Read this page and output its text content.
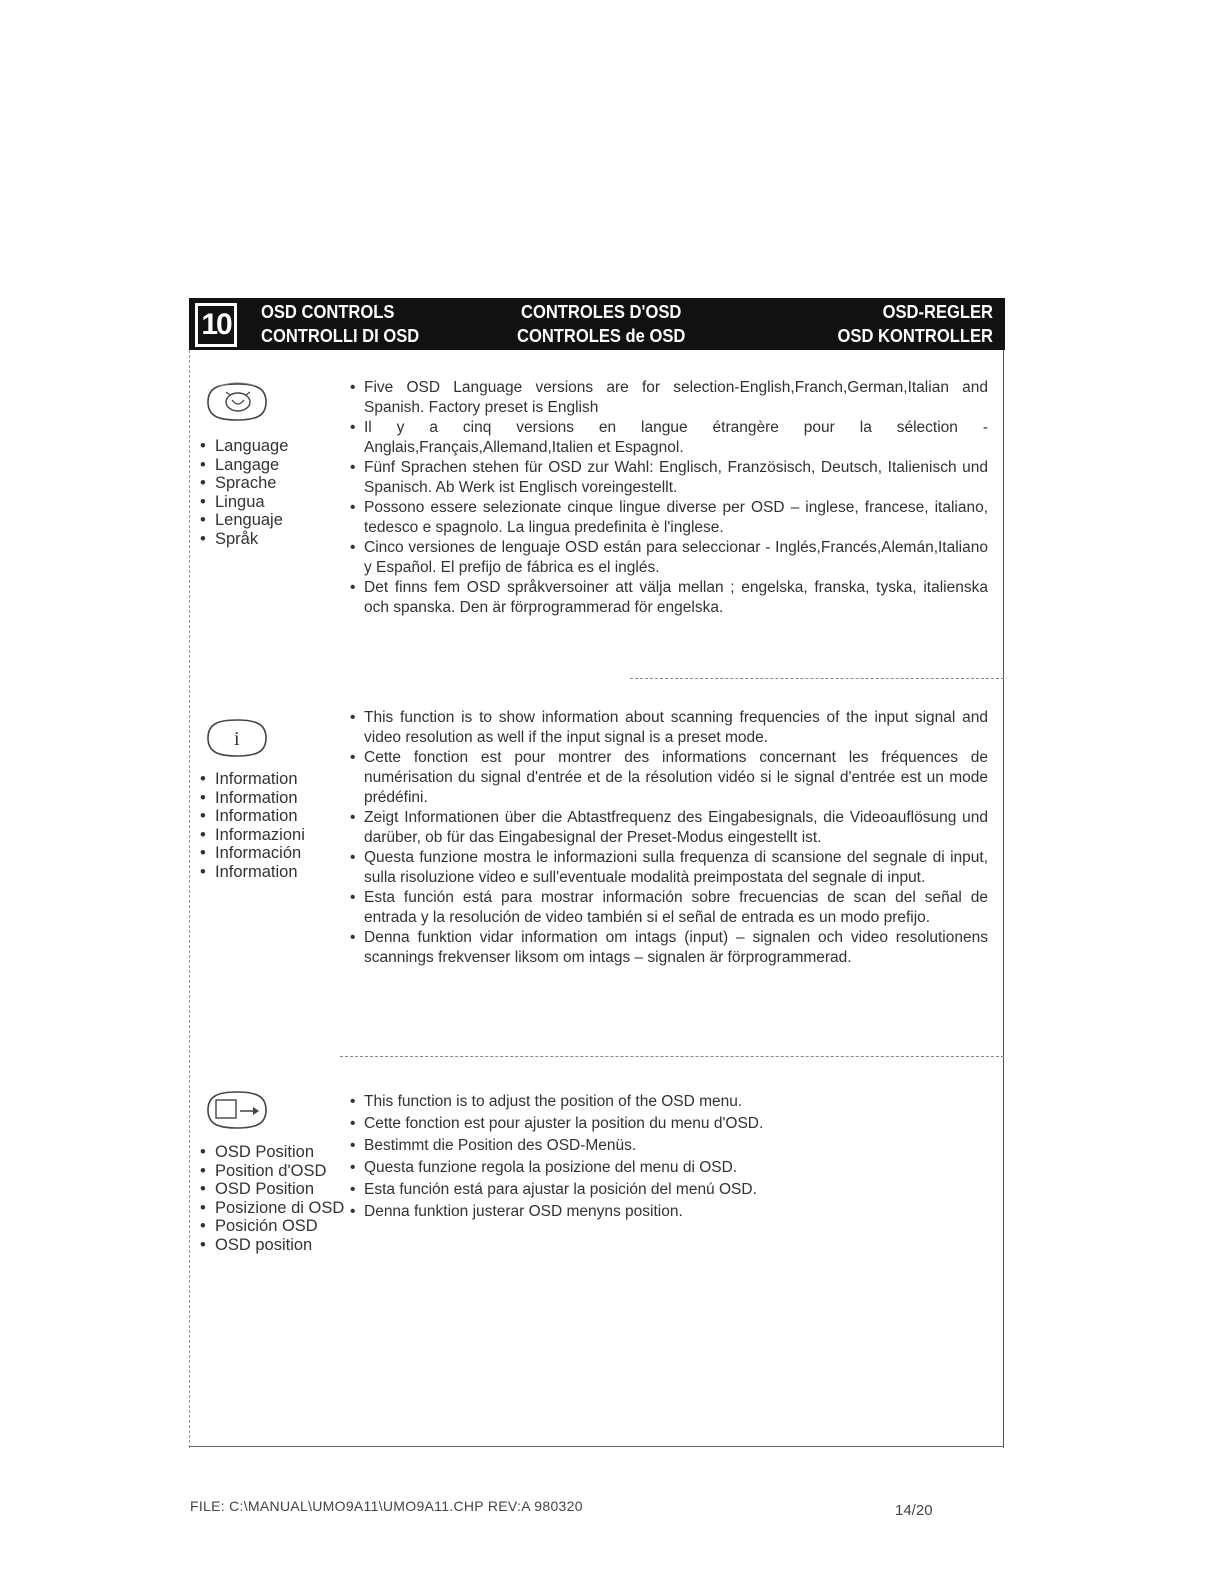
10	OSD CONTROLS
CONTROLLI DI OSD
CONTROLES D'OSD
CONTROLES de OSD
OSD-REGLER
OSD KONTROLLER
• Language
• Langage
• Sprache
• Lingua
• Lenguaje
• Språk
• Five OSD Language versions are for selection-English,Franch,German,Italian and Spanish. Factory preset is English
• Il y a cinq versions en langue étrangère pour la sélection - Anglais,Français,Allemand,Italien et Espagnol.
• Fünf Sprachen stehen für OSD zur Wahl: Englisch, Französisch, Deutsch, Italienisch und Spanisch. Ab Werk ist Englisch voreingestellt.
• Possono essere selezionate cinque lingue diverse per OSD – inglese, francese, italiano, tedesco e spagnolo. La lingua predefinita è l'inglese.
• Cinco versiones de lenguaje OSD están para seleccionar - Inglés,Francés,Alemán,Italiano y Español. El prefijo de fábrica es el inglés.
• Det finns fem OSD språkversoiner att välja mellan ; engelska, franska, tyska, italienska och spanska. Den är förprogrammerad för engelska.
i
• Information
• Information
• Information
• Informazioni
• Información
• Information
• This function is to show information about scanning frequencies of the input signal and video resolution as well if the input signal is a preset mode.
• Cette fonction est pour montrer des informations concernant les fréquences de numérisation du signal d'entrée et de la résolution vidéo si le signal d'entrée est un mode prédéfini.
• Zeigt Informationen über die Abtastfrequenz des Eingabesignals, die Videoauflösung und darüber, ob für das Eingabesignal der Preset-Modus eingestellt ist.
• Questa funzione mostra le informazioni sulla frequenza di scansione del segnale di input, sulla risoluzione video e sull'eventuale modalità preimpostata del segnale di input.
• Esta función está para mostrar información sobre frecuencias de scan del señal de entrada y la resolución de video también si el señal de entrada es un modo prefijo.
• Denna funktion vidar information om intags (input) – signalen och video resolutionens scannings frekvenser liksom om intags – signalen är förprogrammerad.
• OSD Position
• Position d'OSD
• OSD Position
• Posizione di OSD
• Posición OSD
• OSD position
• This function is to adjust the position of the OSD menu.
• Cette fonction est pour ajuster la position du menu d'OSD.
• Bestimmt die Position des OSD-Menüs.
• Questa funzione regola la posizione del menu di OSD.
• Esta función está para ajustar la posición del menú OSD.
• Denna funktion justerar OSD menyns position.
FILE: C:\MANUAL\UMO9A11\UMO9A11.CHP REV:A 980320	14/20
